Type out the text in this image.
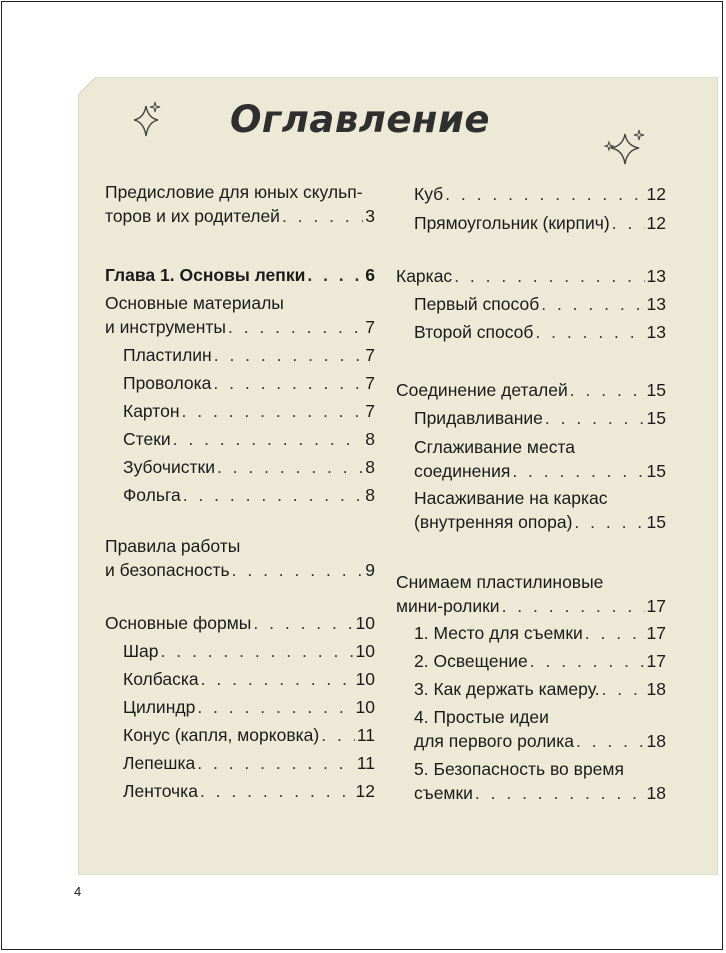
Оглавление
Предисловие для юных скульп-
торов и их родителей . . .	3
Глава 1. Основы лепки . . .	6
Основные материалы
и инструменты . . .	7
Пластилин . . .	7
Проволока . . .	7
Картон . . .	7
Стеки . . .	8
Зубочистки . . .	8
Фольга . . .	8
Правила работы
и безопасность . . .	9
Основные формы . . .	10
Шар . . .	10
Колбаска . . .	10
Цилиндр . . .	10
Конус (капля, морковка) . . . 11
Лепешка . . .	11
Ленточка . . .	12
Куб . . .	12
Прямоугольник (кирпич) . . . 12
Каркас . . .	13
Первый способ . . .	13
Второй способ . . .	13
Соединение деталей . . .	15
Придавливание . . .	15
Сглаживание места
соединения . . .	15
Насаживание на каркас
(внутренняя опора) . . .	15
Снимаем пластилиновые
мини-ролики . . .	17
1. Место для съемки . . .	17
2. Освещение . . .	17
3. Как держать камеру. . . .	18
4. Простые идеи
для первого ролика . . .	18
5. Безопасность во время
съемки . . .	18

4
